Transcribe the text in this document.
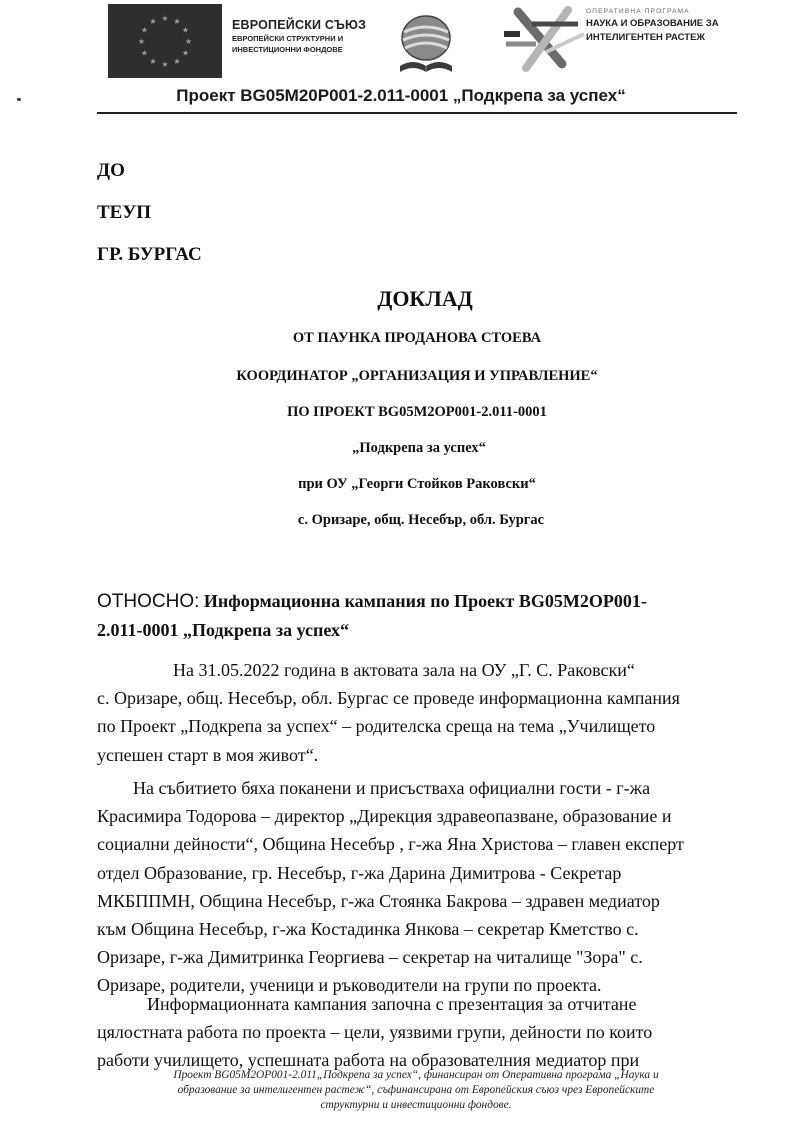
★ ★
★
★
★
★
★
★
★
★
★
★	ЕВРОПЕЙСКИ СЪЮЗ
ЕВРОПЕЙСКИ СТРУКТУРНИ И
ИНВЕСТИЦИОННИ ФОНДОВЕ
ОПЕРАТИВНА ПРОГРАМА
НАУКА И ОБРАЗОВАНИЕ ЗА
ИНТЕЛИГЕНТЕН РАСТЕЖ
Проект BG05M20P001-2.011-0001 „Подкрепа за успех“
ДО
ТЕУП
ГР. БУРГАС
ДОКЛАД
ОТ ПАУНКА ПРОДАНОВА СТОЕВА
КООРДИНАТОР „ОРГАНИЗАЦИЯ И УПРАВЛЕНИЕ“
ПО ПРОЕКТ BG05M2OP001-2.011-0001
„Подкрепа за успех“
при ОУ „Георги Стойков Раковски“
с. Оризаре, общ. Несебър, обл. Бургас
ОТНОСНО: Информационна кампания по Проект BG05M2OP001-
2.011-0001 „Подкрепа за успех“
На 31.05.2022 година в актовата зала на ОУ „Г. С. Раковски“
с. Оризаре, общ. Несебър, обл. Бургас се проведе информационна кампания
по Проект „Подкрепа за успех“ – родителска среща на тема „Училището
успешен старт в моя живот“.
На събитието бяха поканени и присъстваха официални гости - г-жа
Красимира Тодорова – директор „Дирекция здравеопазване, образование и
социални дейности“, Община Несебър , г-жа Яна Христова – главен експерт
отдел Образование, гр. Несебър, г-жа Дарина Димитрова - Секретар
МКБППМН, Община Несебър, г-жа Стоянка Бакрова – здравен медиатор
към Община Несебър, г-жа Костадинка Янкова – секретар Кметство с.
Оризаре, г-жа Димитринка Георгиева – секретар на читалище "Зора" с.
Оризаре, родители, ученици и ръководители на групи по проекта.
Информационната кампания започна с презентация за отчитане
цялостната работа по проекта – цели, уязвими групи, дейности по които
работи училището, успешната работа на образователния медиатор при
Проект BG05M2OP001-2.011„Подкрепа за успех“, финансиран от Оперативна програма „Наука и
образование за интелигентен растеж“, съфинансирана от Европейския съюз чрез Европейските
структурни и инвестиционни фондове.
